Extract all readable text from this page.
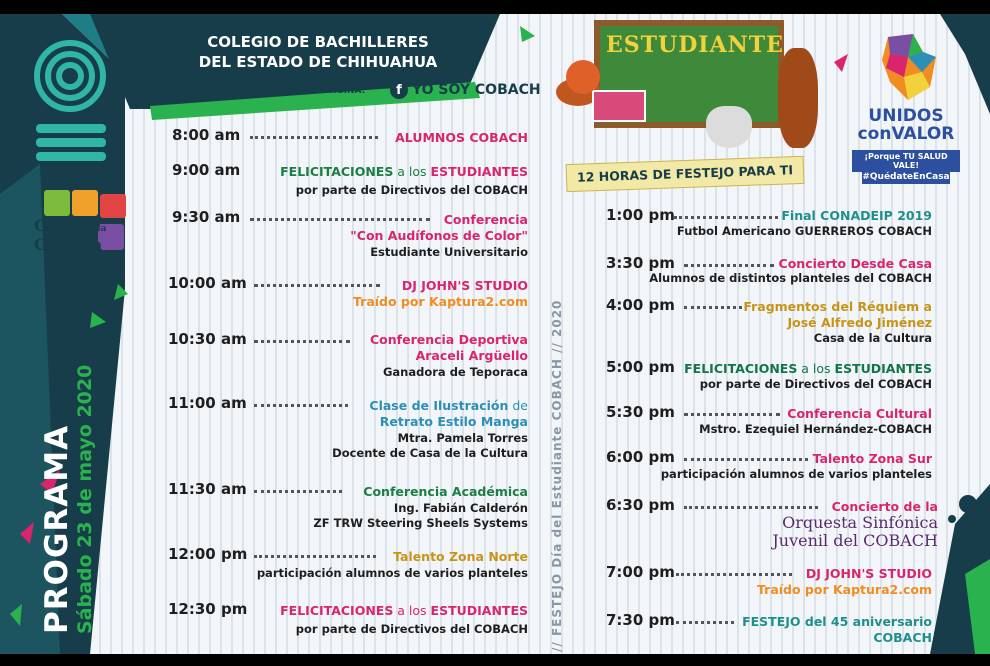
Casa de la
Cultura
PROGRAMA Sábado 23 de mayo 2020
COLEGIO DE BACHILLERES
DEL ESTADO DE CHIHUAHUA
SE TRANSMITIRÁ A TRAVÉS DE LA PÁGINA:	f YO SOY COBACH
ESTUDIANTE
12 HORAS DE FESTEJO PARA TI
UNIDOS
conVALOR
¡Porque TU SALUD VALE!
#QuédateEnCasa
// FESTEJO Día del Estudiante COBACH // 2020
8:00 am	ALUMNOS COBACH
9:00 am	FELICITACIONES a los ESTUDIANTES
por parte de Directivos del COBACH
9:30 am	Conferencia
"Con Audífonos de Color"
Estudiante Universitario
10:00 am	DJ JOHN'S STUDIO
Traído por Kaptura2.com
10:30 am	Conferencia Deportiva
Araceli Argüello
Ganadora de Teporaca
11:00 am	Clase de Ilustración de
Retrato Estilo Manga
Mtra. Pamela Torres
Docente de Casa de la Cultura
11:30 am	Conferencia Académica
Ing. Fabián Calderón
ZF TRW Steering Sheels Systems
12:00 pm	Talento Zona Norte
participación alumnos de varios planteles
12:30 pm	FELICITACIONES a los ESTUDIANTES
por parte de Directivos del COBACH
1:00 pm	Final CONADEIP 2019
Futbol Americano GUERREROS COBACH
3:30 pm	Concierto Desde Casa
Alumnos de distintos planteles del COBACH
4:00 pm	Fragmentos del Réquiem a
José Alfredo Jiménez
Casa de la Cultura
5:00 pm FELICITACIONES a los ESTUDIANTES
por parte de Directivos del COBACH
5:30 pm	Conferencia Cultural
Mstro. Ezequiel Hernández-COBACH
6:00 pm	Talento Zona Sur
participación alumnos de varios planteles
6:30 pm	Concierto de la
Orquesta Sinfónica
Juvenil del COBACH
7:00 pm	DJ JOHN'S STUDIO
Traído por Kaptura2.com
7:30 pm	FESTEJO del 45 aniversario
COBACH
